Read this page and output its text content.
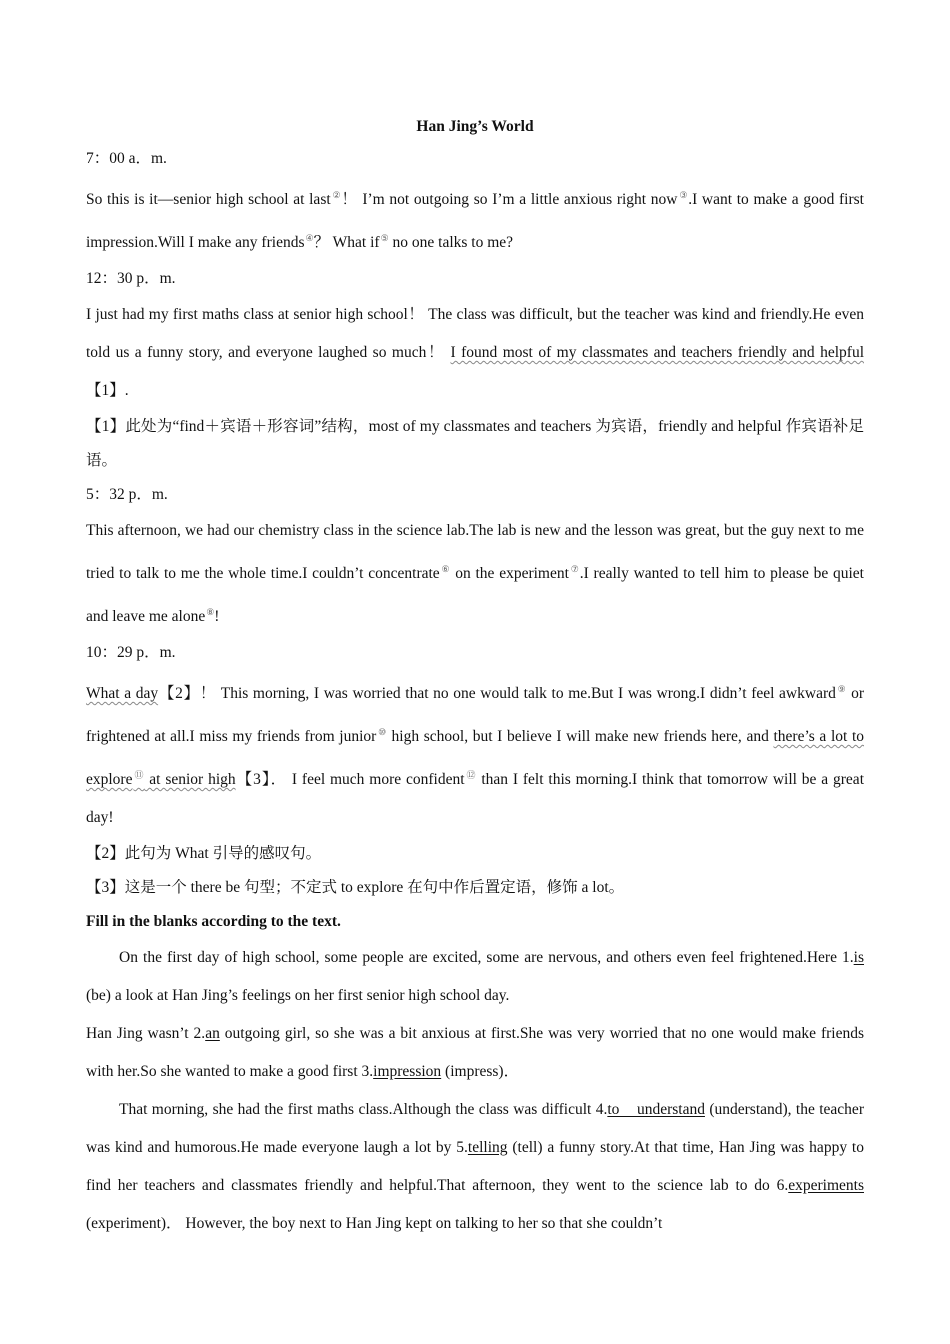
Han Jing’s World
7：00 a．m.

So this is it—senior high school at last②！ I’m not outgoing so I’m a little anxious right now③.I want to make a good first impression.Will I make any friends④？ What if⑤ no one talks to me?

12：30 p．m.

I just had my first maths class at senior high school！ The class was difficult, but the teacher was kind and friendly.He even told us a funny story, and everyone laughed so much！ I found most of my classmates and teachers friendly and helpful【1】.

【1】此处为“find＋宾语＋形容词”结构，most of my classmates and teachers 为宾语，friendly and helpful 作宾语补足语。

5：32 p．m.

This afternoon, we had our chemistry class in the science lab.The lab is new and the lesson was great, but the guy next to me tried to talk to me the whole time.I couldn’t concentrate⑥ on the experiment⑦.I really wanted to tell him to please be quiet and leave me alone⑧!

10：29 p．m.

What a day【2】！ This morning, I was worried that no one would talk to me.But I was wrong.I didn’t feel awkward⑨ or frightened at all.I miss my friends from junior⑩ high school, but I believe I will make new friends here, and there’s a lot to explore⑪ at senior high【3】． I feel much more confident⑫ than I felt this morning.I think that tomorrow will be a great day!

【2】此句为 What 引导的感叹句。

【3】这是一个 there be 句型；不定式 to explore 在句中作后置定语，修饰 a lot。

Fill in the blanks according to the text.

On the first day of high school, some people are excited, some are nervous, and others even feel frightened.Here 1.is (be) a look at Han Jing’s feelings on her first senior high school day.

Han Jing wasn’t 2.an outgoing girl, so she was a bit anxious at first.She was very worried that no one would make friends with her.So she wanted to make a good first 3.impression (impress)．

That morning, she had the first maths class.Although the class was difficult 4.to    understand (understand), the teacher was kind and humorous.He made everyone laugh a lot by 5.telling (tell) a funny story.At that time, Han Jing was happy to find her teachers and classmates friendly and helpful.That afternoon, they went to the science lab to do 6.experiments (experiment)． However, the boy next to Han Jing kept on talking to her so that she couldn’t
